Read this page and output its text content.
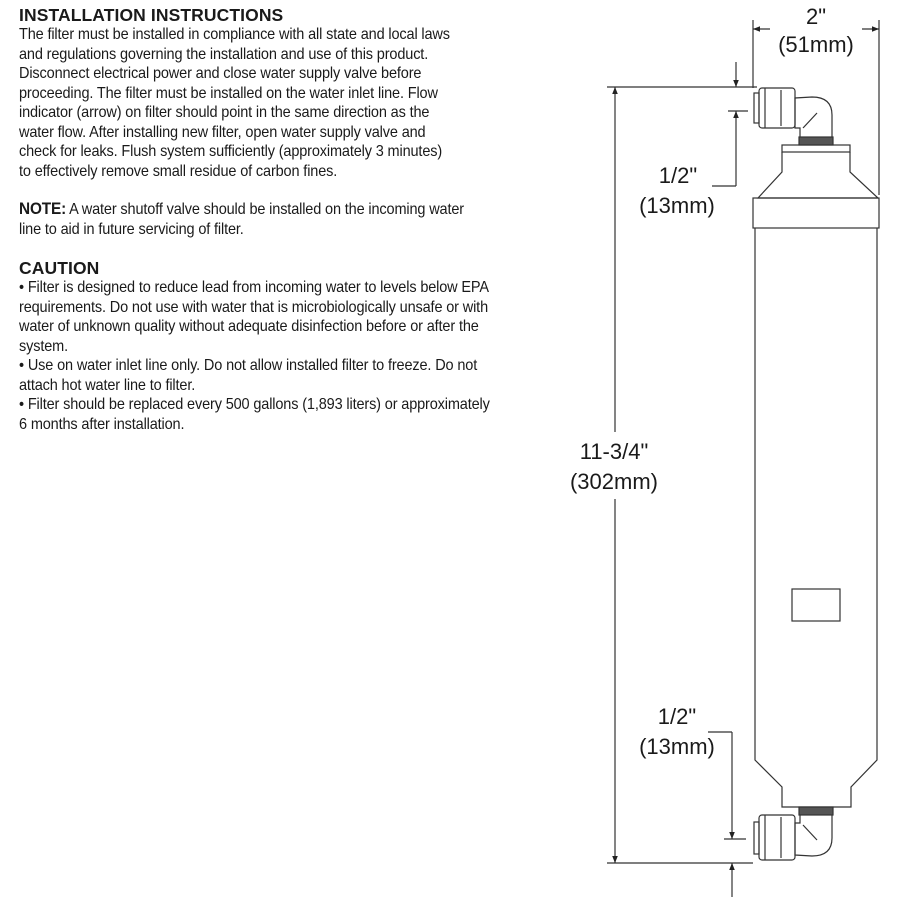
INSTALLATION INSTRUCTIONS
The filter must be installed in compliance with all state and local laws
and regulations governing the installation and use of this product.
Disconnect electrical power and close water supply valve before
proceeding. The filter must be installed on the water inlet line. Flow
indicator (arrow) on filter should point in the same direction as the
water flow. After installing new filter, open water supply valve and
check for leaks. Flush system sufficiently (approximately 3 minutes)
to effectively remove small residue of carbon fines.
NOTE: A water shutoff valve should be installed on the incoming water
line to aid in future servicing of filter.
CAUTION
• Filter is designed to reduce lead from incoming water to levels below EPA
requirements. Do not use with water that is microbiologically unsafe or with
water of unknown quality without adequate disinfection before or after the
system.
• Use on water inlet line only. Do not allow installed filter to freeze. Do not
attach hot water line to filter.
• Filter should be replaced every 500 gallons (1,893 liters) or approximately
6 months after installation.
2"
(51mm)
11-3/4"
(302mm)
1/2"
(13mm)
1/2"
(13mm)
